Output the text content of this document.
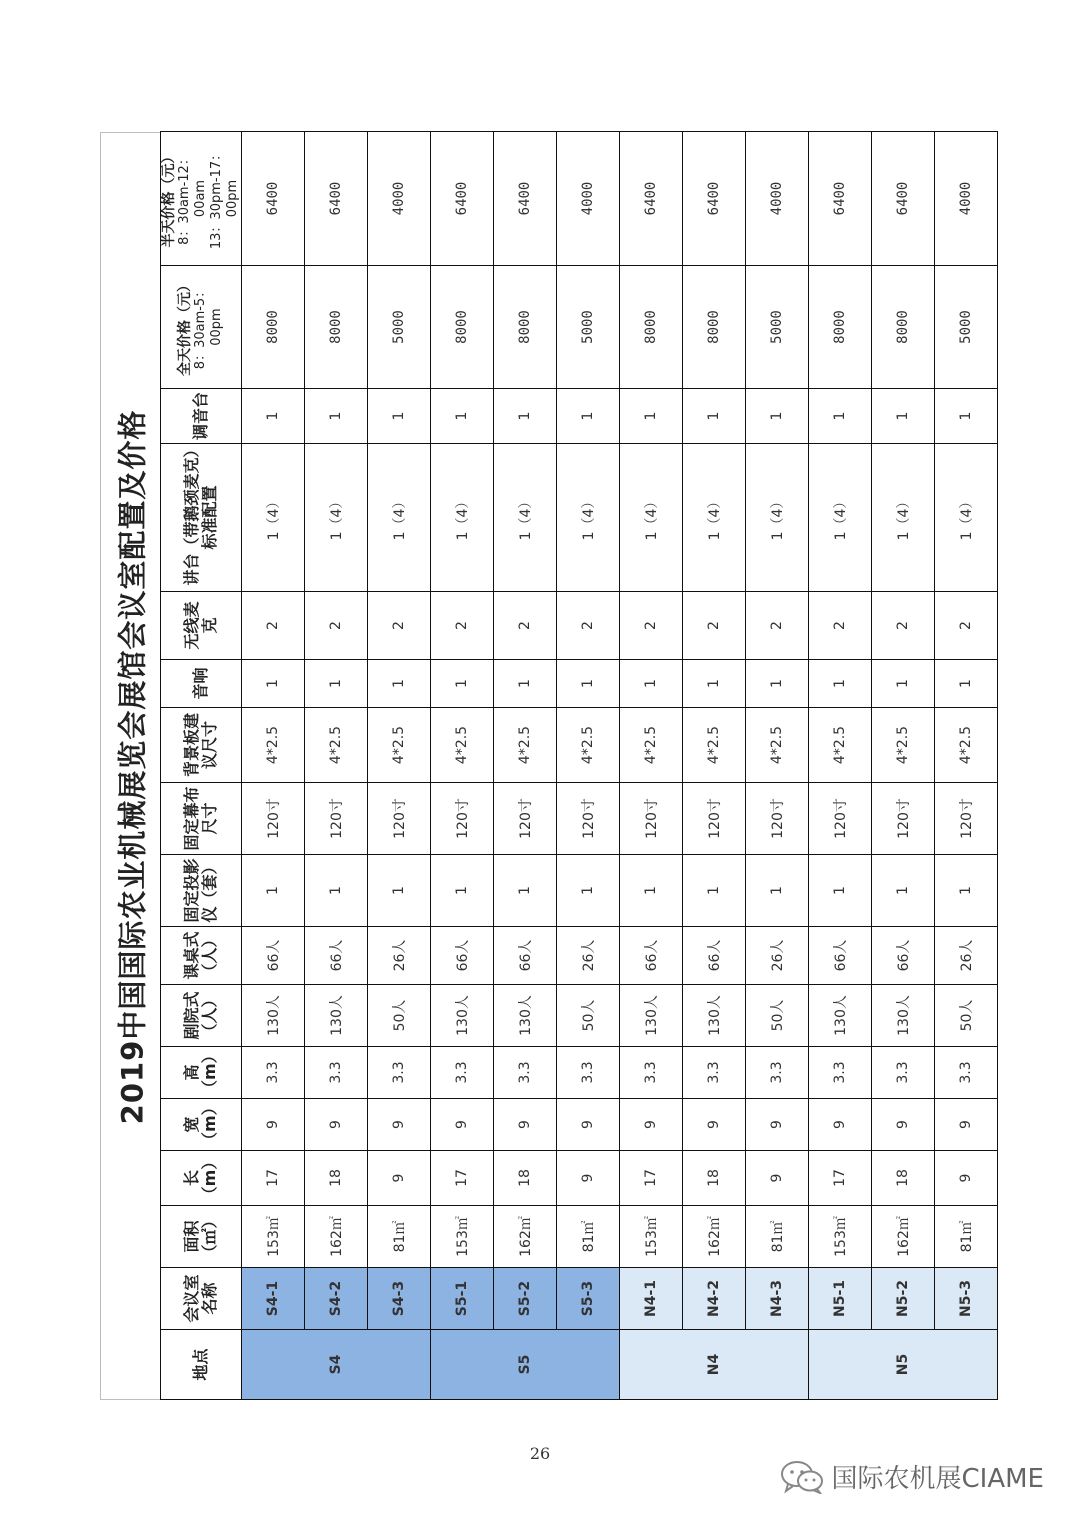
2019中国国际农业机械展览会展馆会议室配置及价格
地点	会议室名称	面积（㎡）	长（m）	宽（m）	高（m）	剧院式（人）	课桌式（人）	固定投影仪（套）	固定幕布尺寸	背景板建议尺寸	音响	无线麦克	讲台（带鹅颈麦克）标准配置	调音台	全天价格（元） 8：30am-5：00pm	半天价格（元） 8：30am-12：00am 13：30pm-17：00pm

S4	S4-1	153㎡	17	9	3.3	130人	66人	1	120寸	4*2.5	1	2	1（4）	1	8000	6400
	S4-2	162㎡	18	9	3.3	130人	66人	1	120寸	4*2.5	1	2	1（4）	1	8000	6400
	S4-3	81㎡	9	9	3.3	50人	26人	1	120寸	4*2.5	1	2	1（4）	1	5000	4000
S5	S5-1	153㎡	17	9	3.3	130人	66人	1	120寸	4*2.5	1	2	1（4）	1	8000	6400
	S5-2	162㎡	18	9	3.3	130人	66人	1	120寸	4*2.5	1	2	1（4）	1	8000	6400
	S5-3	81㎡	9	9	3.3	50人	26人	1	120寸	4*2.5	1	2	1（4）	1	5000	4000
N4	N4-1	153㎡	17	9	3.3	130人	66人	1	120寸	4*2.5	1	2	1（4）	1	8000	6400
	N4-2	162㎡	18	9	3.3	130人	66人	1	120寸	4*2.5	1	2	1（4）	1	8000	6400
	N4-3	81㎡	9	9	3.3	50人	26人	1	120寸	4*2.5	1	2	1（4）	1	5000	4000
N5	N5-1	153㎡	17	9	3.3	130人	66人	1	120寸	4*2.5	1	2	1（4）	1	8000	6400
	N5-2	162㎡	18	9	3.3	130人	66人	1	120寸	4*2.5	1	2	1（4）	1	8000	6400
	N5-3	81㎡	9	9	3.3	50人	26人	1	120寸	4*2.5	1	2	1（4）	1	5000	4000
26
国际农机展CIAME
